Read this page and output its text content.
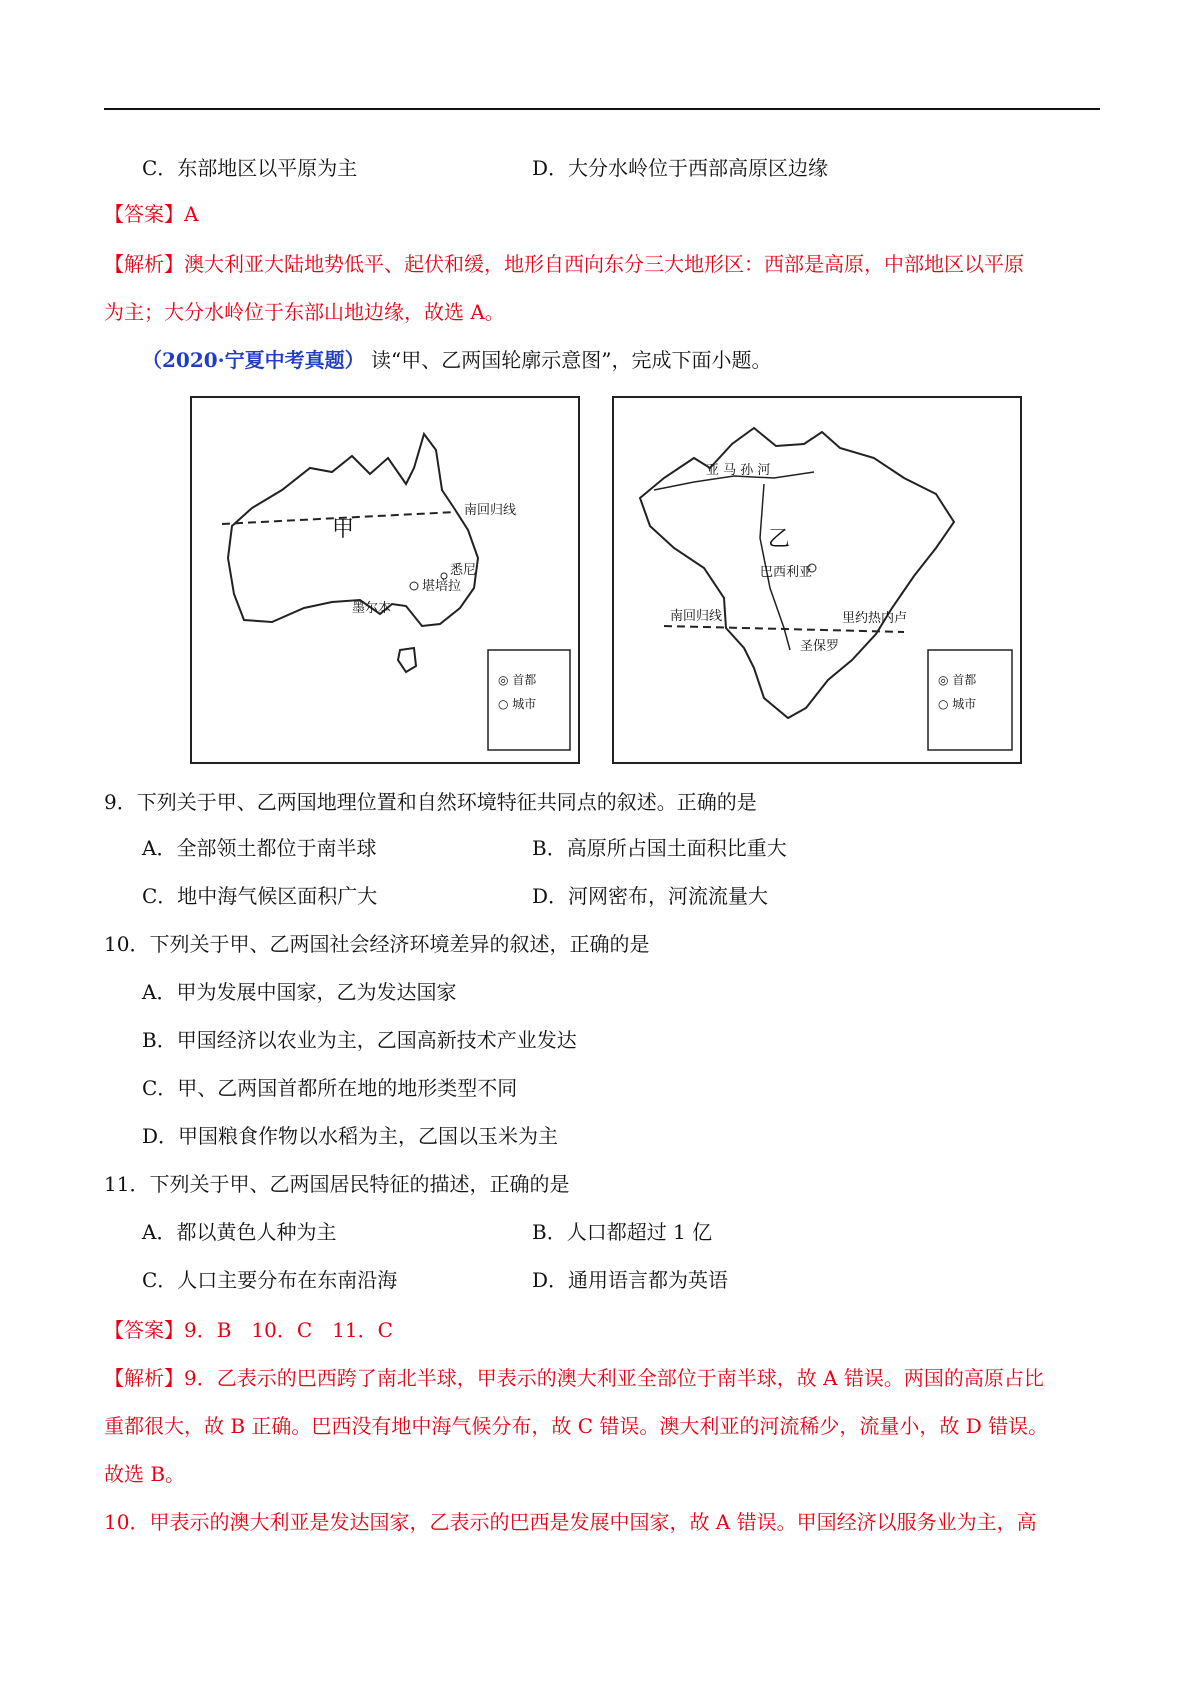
C．东部地区以平原为主	D．大分水岭位于西部高原区边缘
【答案】A
【解析】澳大利亚大陆地势低平、起伏和缓，地形自西向东分三大地形区：西部是高原，中部地区以平原
为主；大分水岭位于东部山地边缘，故选 A。
（2020·宁夏中考真题） 读“甲、乙两国轮廓示意图”，完成下面小题。
甲
南回归线
悉尼
堪培拉
墨尔本
◎ 首都
○ 城市
亚 马 孙 河
乙
巴西利亚
南回归线	里约热内卢
圣保罗
◎ 首都
○ 城市
9．下列关于甲、乙两国地理位置和自然环境特征共同点的叙述。正确的是
A．全部领土都位于南半球	B．高原所占国土面积比重大
C．地中海气候区面积广大	D．河网密布，河流流量大
10．下列关于甲、乙两国社会经济环境差异的叙述，正确的是
A．甲为发展中国家，乙为发达国家
B．甲国经济以农业为主，乙国高新技术产业发达
C．甲、乙两国首都所在地的地形类型不同
D．甲国粮食作物以水稻为主，乙国以玉米为主
11．下列关于甲、乙两国居民特征的描述，正确的是
A．都以黄色人种为主	B．人口都超过 1 亿
C．人口主要分布在东南沿海	D．通用语言都为英语
【答案】9．B　10．C　11．C
【解析】9．乙表示的巴西跨了南北半球，甲表示的澳大利亚全部位于南半球，故 A 错误。两国的高原占比
重都很大，故 B 正确。巴西没有地中海气候分布，故 C 错误。澳大利亚的河流稀少，流量小，故 D 错误。
故选 B。
10．甲表示的澳大利亚是发达国家，乙表示的巴西是发展中国家，故 A 错误。甲国经济以服务业为主，高
